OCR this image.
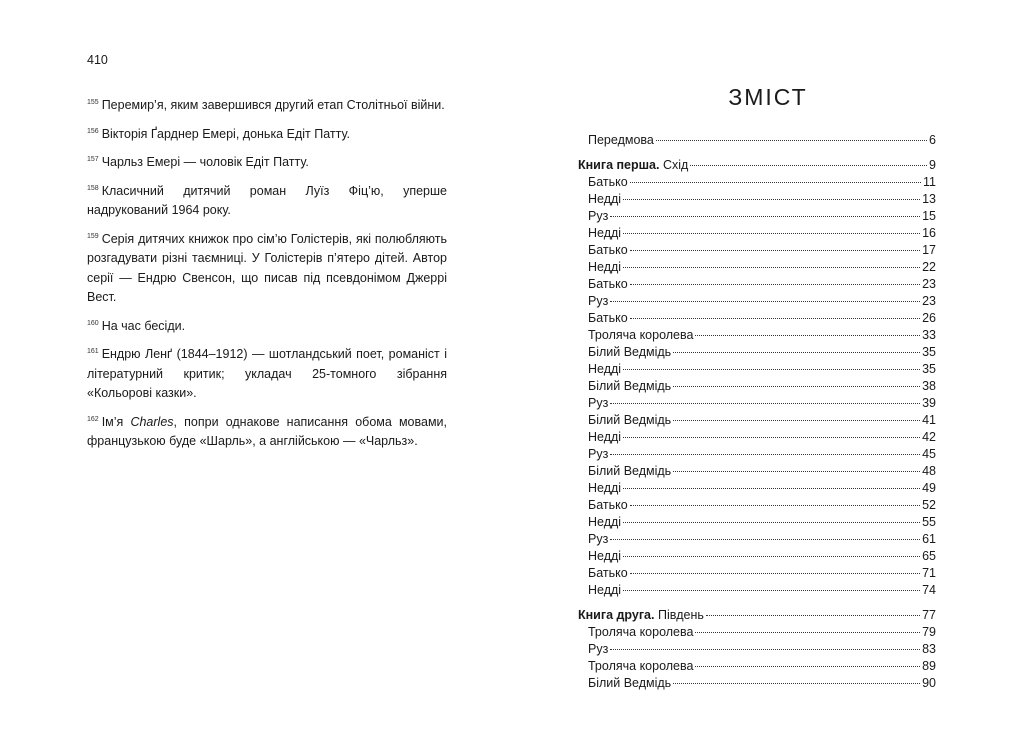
410

$^{155}$ Перемир’я, яким завершився другий етап Столітньої війни.

$^{156}$ Вікторія Ґарднер Емері, донька Едіт Патту.

$^{157}$ Чарльз Емері — чоловік Едіт Патту.

$^{158}$ Класичний дитячий роман Луїз Фіц’ю, уперше надрукований 1964 року.

$^{159}$ Серія дитячих книжок про сім’ю Голістерів, які полюбляють розгадувати різні таємниці. У Голістерів п’ятеро дітей. Автор серії — Ендрю Свенсон, що писав під псевдонімом Джеррі Вест.

$^{160}$ На час бесіди.

$^{161}$ Ендрю Ленґ (1844–1912) — шотландський поет, романіст і літературний критик; укладач 25-томного зібрання «Кольорові казки».

$^{162}$ Ім’я Charles, попри однакове написання обома мовами, французькою буде «Шарль», а англійською — «Чарльз».

ЗМІСТ
Передмова	6
Книга перша. Схід	9
Батько	11
Недді	13
Руз	15
Недді	16
Батько	17
Недді	22
Батько	23
Руз	23
Батько	26
Троляча королева	33
Білий Ведмідь	35
Недді	35
Білий Ведмідь	38
Руз	39
Білий Ведмідь	41
Недді	42
Руз	45
Білий Ведмідь	48
Недді	49
Батько	52
Недді	55
Руз	61
Недді	65
Батько	71
Недді	74
Книга друга. Південь	77
Троляча королева	79
Руз	83
Троляча королева	89
Білий Ведмідь	90
